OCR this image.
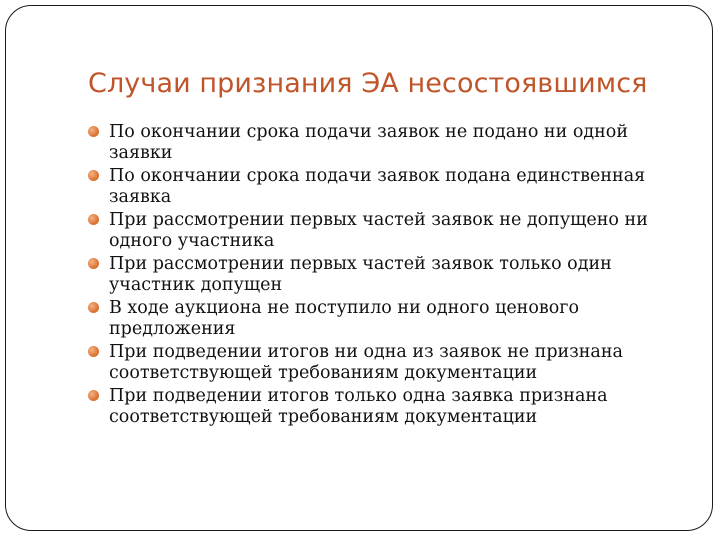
Случаи признания ЭА несостоявшимся
По окончании срока подачи заявок не подано ни одной заявки
По окончании срока подачи заявок подана единственная заявка
При рассмотрении первых частей заявок не допущено ни одного участника
При рассмотрении первых частей заявок только один участник допущен
В ходе аукциона не поступило ни одного ценового предложения
При подведении итогов ни одна из заявок не признана соответствующей требованиям документации
При подведении итогов только одна заявка признана соответствующей требованиям документации
